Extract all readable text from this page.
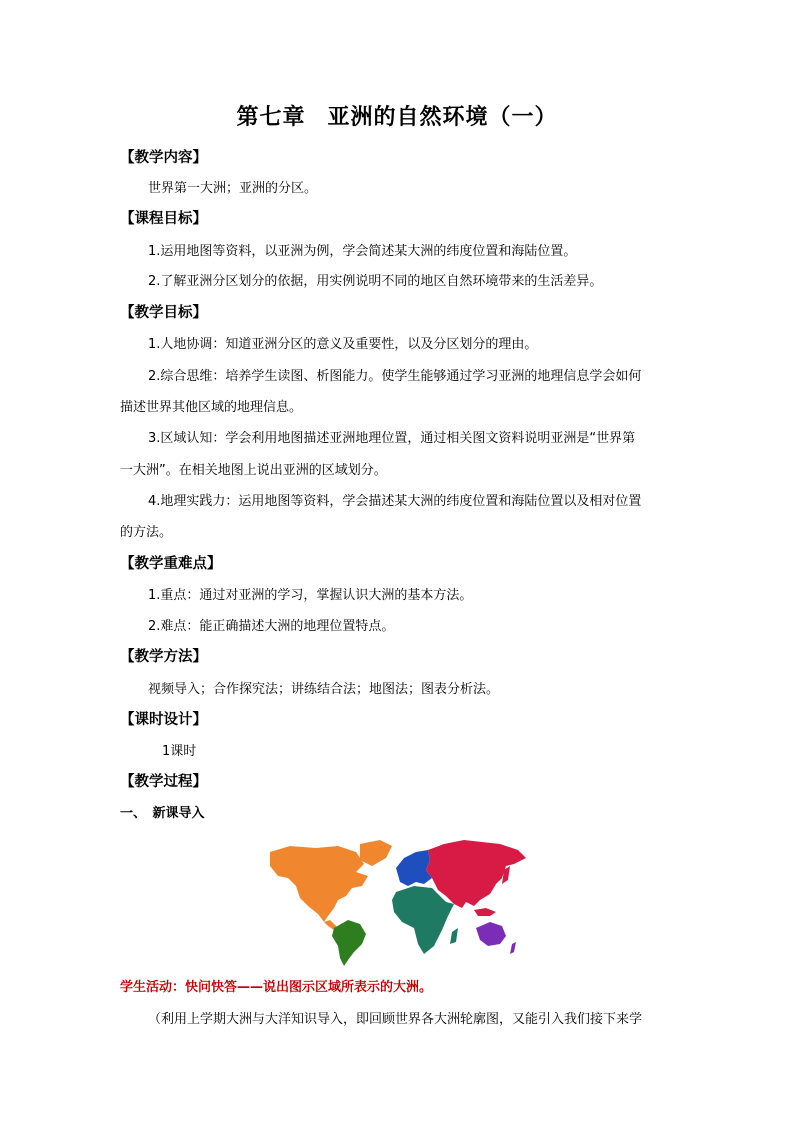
第七章 亚洲的自然环境（一）
【教学内容】
世界第一大洲；亚洲的分区。
【课程目标】
1.运用地图等资料，以亚洲为例，学会简述某大洲的纬度位置和海陆位置。
2.了解亚洲分区划分的依据，用实例说明不同的地区自然环境带来的生活差异。
【教学目标】
1.人地协调：知道亚洲分区的意义及重要性，以及分区划分的理由。
2.综合思维：培养学生读图、析图能力。使学生能够通过学习亚洲的地理信息学会如何
描述世界其他区域的地理信息。
3.区域认知：学会利用地图描述亚洲地理位置，通过相关图文资料说明亚洲是“世界第
一大洲”。在相关地图上说出亚洲的区域划分。
4.地理实践力：运用地图等资料，学会描述某大洲的纬度位置和海陆位置以及相对位置
的方法。
【教学重难点】
1.重点：通过对亚洲的学习，掌握认识大洲的基本方法。
2.难点：能正确描述大洲的地理位置特点。
【教学方法】
视频导入；合作探究法；讲练结合法；地图法；图表分析法。
【课时设计】
1课时
【教学过程】
一、　新课导入
学生活动：快问快答——说出图示区域所表示的大洲。
（利用上学期大洲与大洋知识导入，即回顾世界各大洲轮廓图，又能引入我们接下来学
